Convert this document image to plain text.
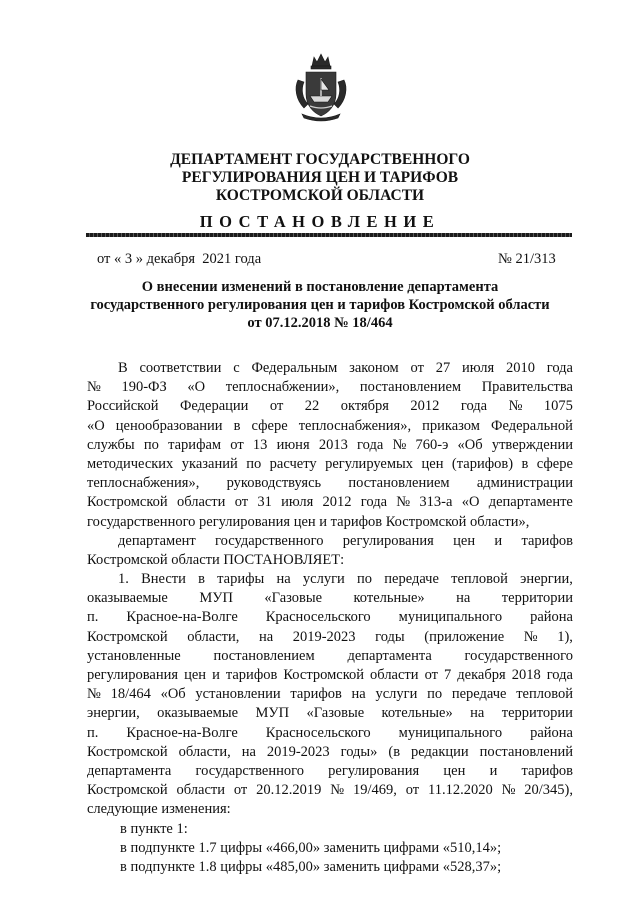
ДЕПАРТАМЕНТ ГОСУДАРСТВЕННОГО
РЕГУЛИРОВАНИЯ ЦЕН И ТАРИФОВ
КОСТРОМСКОЙ ОБЛАСТИ
ПОСТАНОВЛЕНИЕ
от « 3 » декабря  2021 года	№ 21/313
О внесении изменений в постановление департамента
государственного регулирования цен и тарифов Костромской области
от 07.12.2018 № 18/464
В соответствии с Федеральным законом от 27 июля 2010 года
№ 190-ФЗ «О теплоснабжении», постановлением Правительства
Российской Федерации от 22 октября 2012 года № 1075
«О ценообразовании в сфере теплоснабжения», приказом Федеральной
службы по тарифам от 13 июня 2013 года № 760-э «Об утверждении
методических указаний по расчету регулируемых цен (тарифов) в сфере
теплоснабжения», руководствуясь постановлением администрации
Костромской области от 31 июля 2012 года № 313-а «О департаменте
государственного регулирования цен и тарифов Костромской области»,
департамент государственного регулирования цен и тарифов
Костромской области ПОСТАНОВЛЯЕТ:
1. Внести в тарифы на услуги по передаче тепловой энергии,
оказываемые МУП «Газовые котельные» на территории
п. Красное-на-Волге Красносельского муниципального района
Костромской области, на 2019-2023 годы (приложение № 1),
установленные постановлением департамента государственного
регулирования цен и тарифов Костромской области от 7 декабря 2018 года
№ 18/464 «Об установлении тарифов на услуги по передаче тепловой
энергии, оказываемые МУП «Газовые котельные» на территории
п. Красное-на-Волге Красносельского муниципального района
Костромской области, на 2019-2023 годы» (в редакции постановлений
департамента государственного регулирования цен и тарифов
Костромской области от 20.12.2019 № 19/469, от 11.12.2020 № 20/345),
следующие изменения:
в пункте 1:
в подпункте 1.7 цифры «466,00» заменить цифрами «510,14»;
в подпункте 1.8 цифры «485,00» заменить цифрами «528,37»;
